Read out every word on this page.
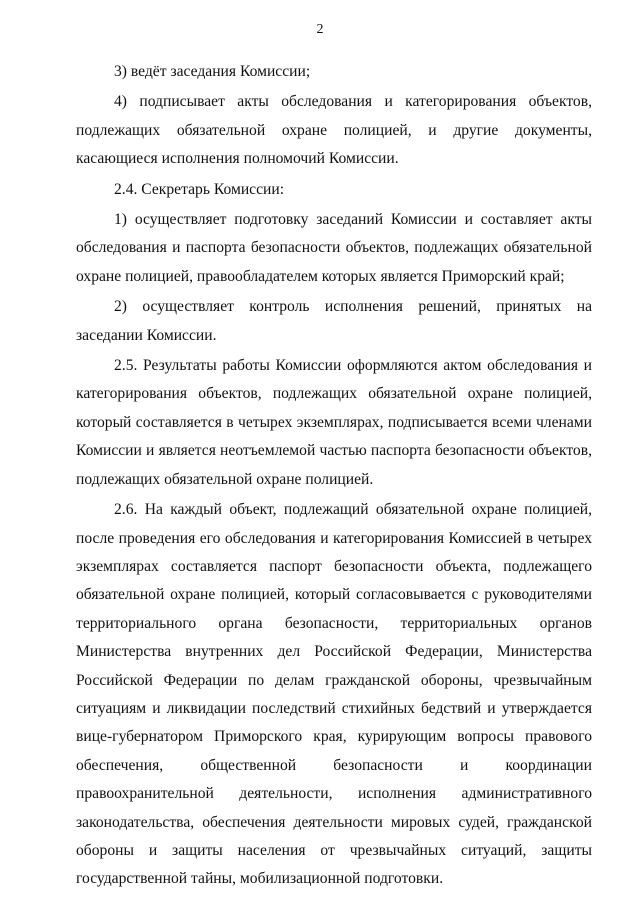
2

3) ведёт заседания Комиссии;

4) подписывает акты обследования и категорирования объектов, подлежащих обязательной охране полицией, и другие документы, касающиеся исполнения полномочий Комиссии.

2.4. Секретарь Комиссии:

1) осуществляет подготовку заседаний Комиссии и составляет акты обследования и паспорта безопасности объектов, подлежащих обязательной охране полицией, правообладателем которых является Приморский край;

2) осуществляет контроль исполнения решений, принятых на заседании Комиссии.

2.5. Результаты работы Комиссии оформляются актом обследования и категорирования объектов, подлежащих обязательной охране полицией, который составляется в четырех экземплярах, подписывается всеми членами Комиссии и является неотъемлемой частью паспорта безопасности объектов, подлежащих обязательной охране полицией.

2.6. На каждый объект, подлежащий обязательной охране полицией, после проведения его обследования и категорирования Комиссией в четырех экземплярах составляется паспорт безопасности объекта, подлежащего обязательной охране полицией, который согласовывается с руководителями территориального органа безопасности, территориальных органов Министерства внутренних дел Российской Федерации, Министерства Российской Федерации по делам гражданской обороны, чрезвычайным ситуациям и ликвидации последствий стихийных бедствий и утверждается вице-губернатором Приморского края, курирующим вопросы правового обеспечения, общественной безопасности и координации правоохранительной деятельности, исполнения административного законодательства, обеспечения деятельности мировых судей, гражданской обороны и защиты населения от чрезвычайных ситуаций, защиты государственной тайны, мобилизационной подготовки.
